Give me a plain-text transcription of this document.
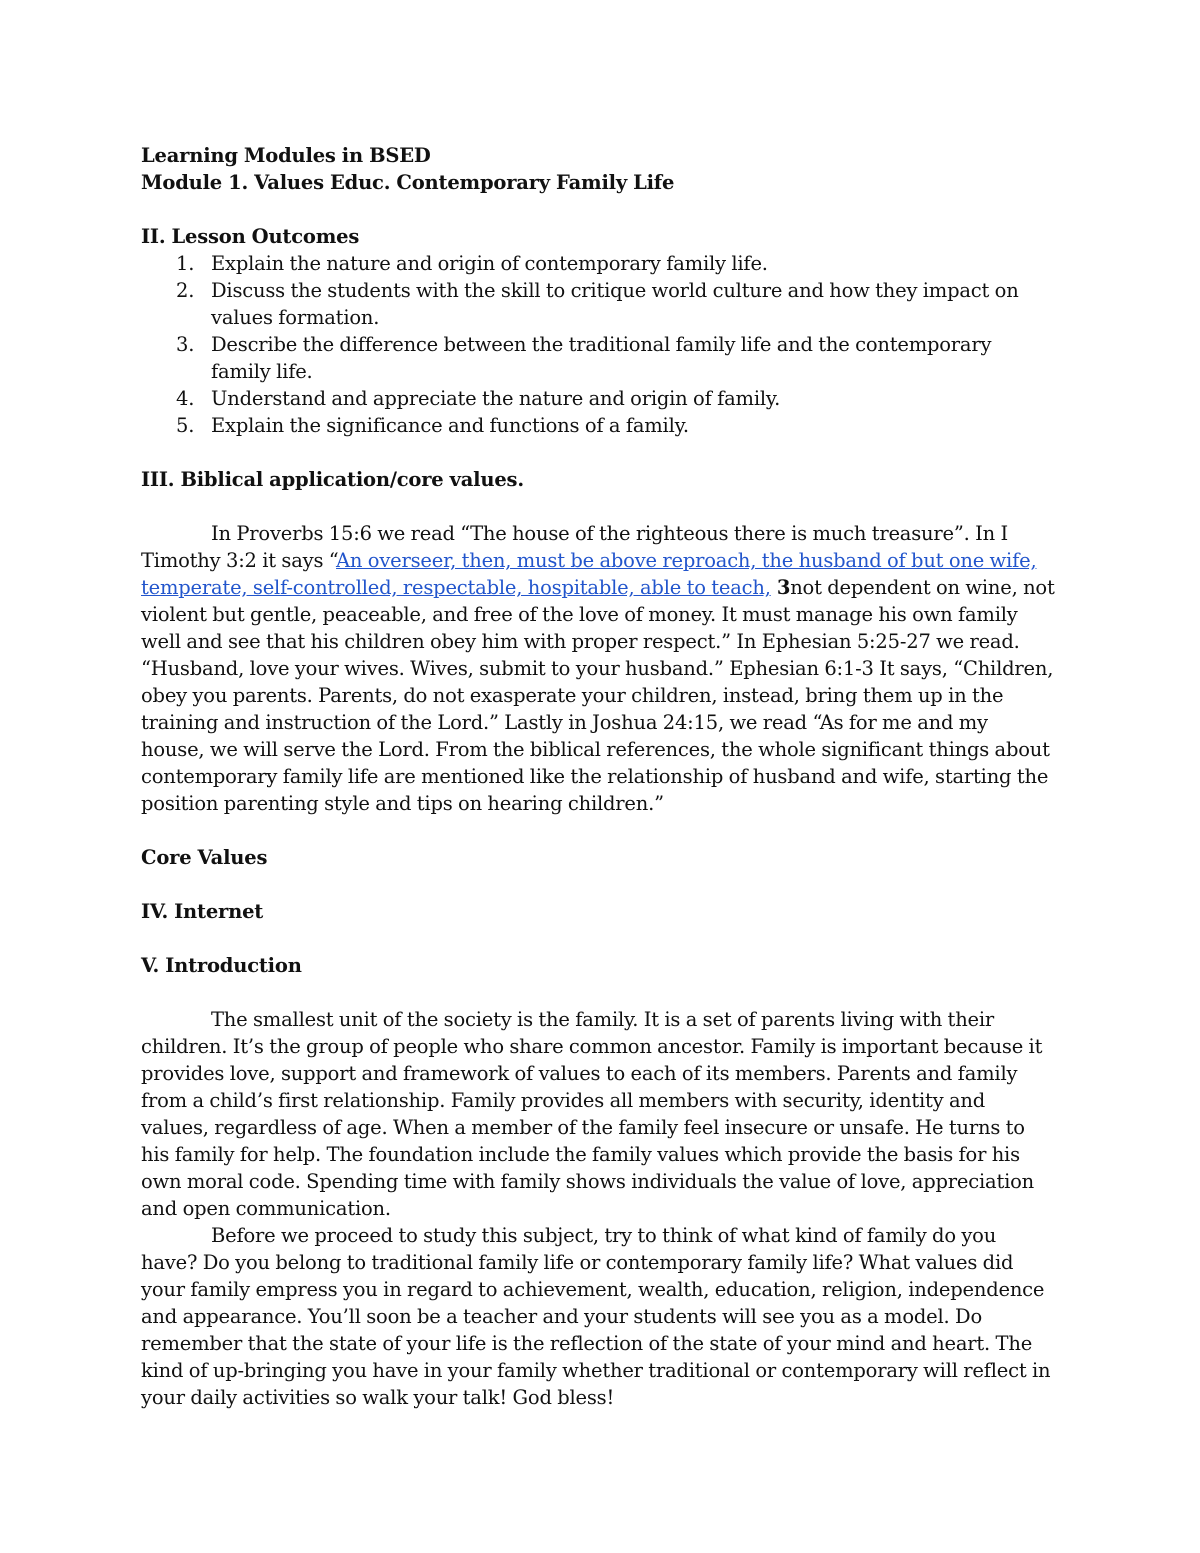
Learning Modules in BSED
Module 1. Values Educ. Contemporary Family Life
II. Lesson Outcomes
1. Explain the nature and origin of contemporary family life.
2. Discuss the students with the skill to critique world culture and how they impact on values formation.
3. Describe the difference between the traditional family life and the contemporary family life.
4. Understand and appreciate the nature and origin of family.
5. Explain the significance and functions of a family.
III. Biblical application/core values.

In Proverbs 15:6 we read “The house of the righteous there is much treasure”. In I Timothy 3:2 it says “An overseer, then, must be above reproach, the husband of but one wife, temperate, self-controlled, respectable, hospitable, able to teach, 3not dependent on wine, not violent but gentle, peaceable, and free of the love of money. It must manage his own family well and see that his children obey him with proper respect.” In Ephesian 5:25-27 we read. “Husband, love your wives. Wives, submit to your husband.” Ephesian 6:1-3 It says, “Children, obey you parents. Parents, do not exasperate your children, instead, bring them up in the training and instruction of the Lord.” Lastly in Joshua 24:15, we read “As for me and my house, we will serve the Lord. From the biblical references, the whole significant things about contemporary family life are mentioned like the relationship of husband and wife, starting the position parenting style and tips on hearing children.”

Core Values
IV. Internet
V. Introduction

The smallest unit of the society is the family. It is a set of parents living with their children. It’s the group of people who share common ancestor. Family is important because it provides love, support and framework of values to each of its members. Parents and family from a child’s first relationship. Family provides all members with security, identity and values, regardless of age. When a member of the family feel insecure or unsafe. He turns to his family for help. The foundation include the family values which provide the basis for his own moral code. Spending time with family shows individuals the value of love, appreciation and open communication.

Before we proceed to study this subject, try to think of what kind of family do you have? Do you belong to traditional family life or contemporary family life? What values did your family empress you in regard to achievement, wealth, education, religion, independence and appearance. You’ll soon be a teacher and your students will see you as a model. Do remember that the state of your life is the reflection of the state of your mind and heart. The kind of up-bringing you have in your family whether traditional or contemporary will reflect in your daily activities so walk your talk! God bless!
